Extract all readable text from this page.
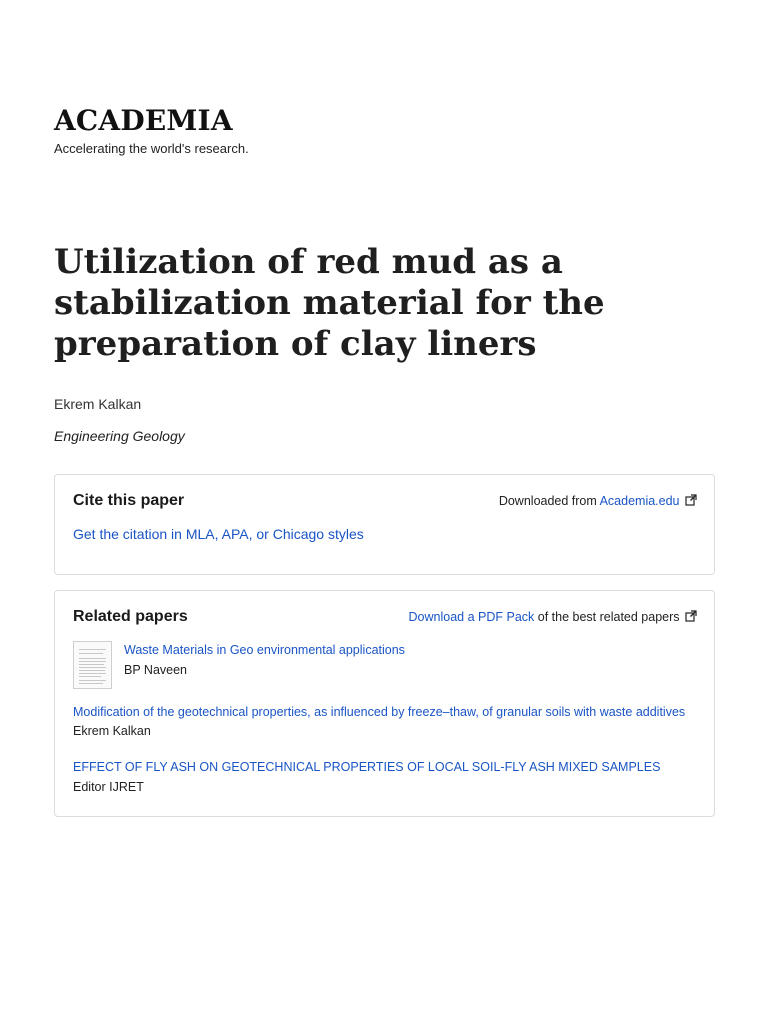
ACADEMIA
Accelerating the world's research.
Utilization of red mud as a stabilization material for the preparation of clay liners
Ekrem Kalkan
Engineering Geology
Cite this paper	Downloaded from Academia.edu
Get the citation in MLA, APA, or Chicago styles
Related papers	Download a PDF Pack of the best related papers
Waste Materials in Geo environmental applications
BP Naveen
Modification of the geotechnical properties, as influenced by freeze–thaw, of granular soils with waste additives
Ekrem Kalkan
EFFECT OF FLY ASH ON GEOTECHNICAL PROPERTIES OF LOCAL SOIL-FLY ASH MIXED SAMPLES
Editor IJRET
